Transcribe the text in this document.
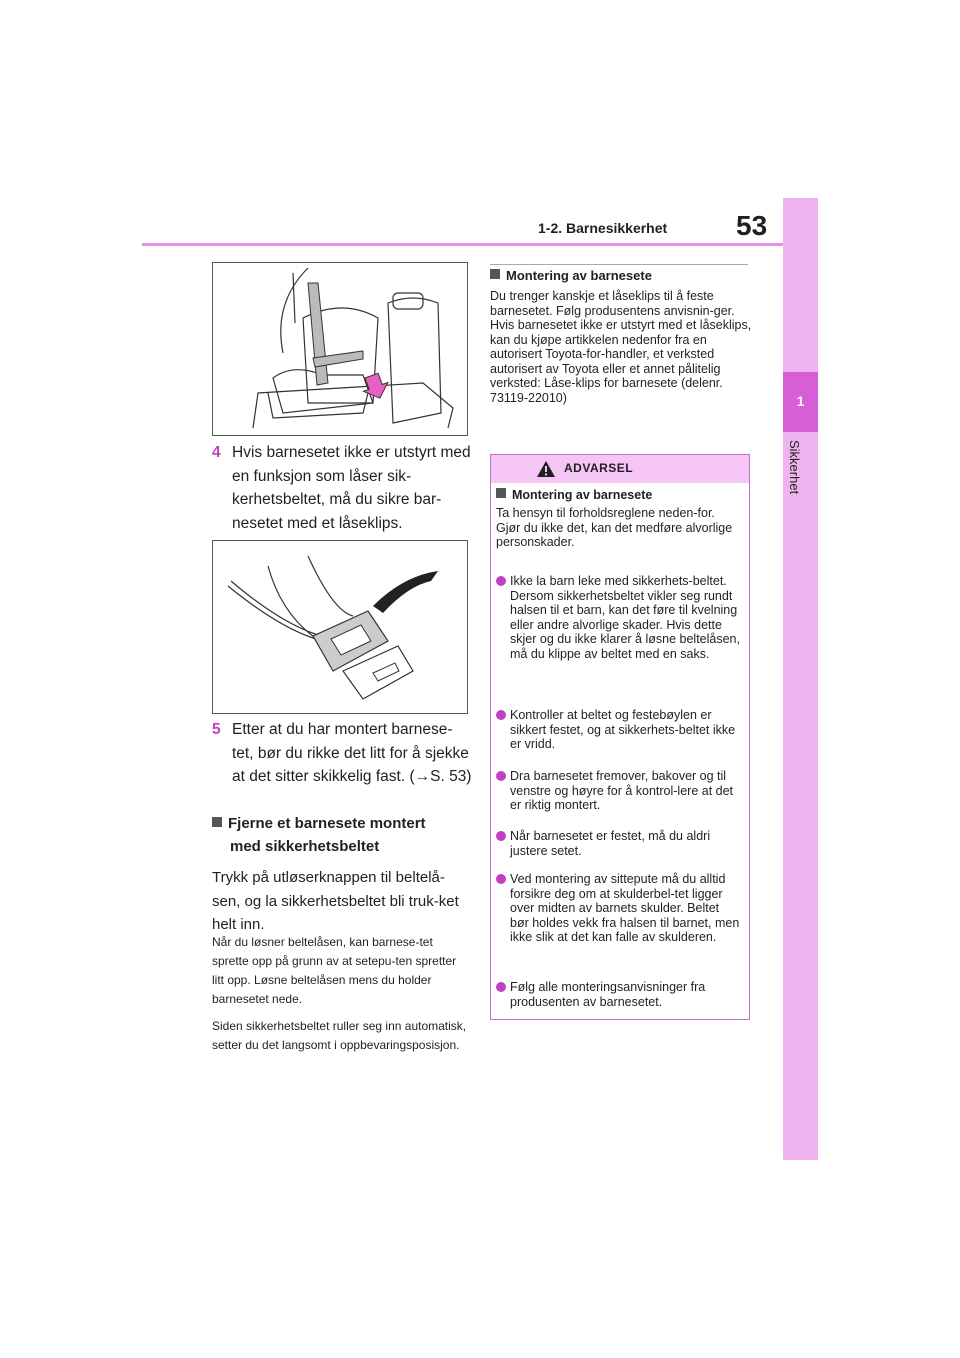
1-2. Barnesikkerhet 53
1
Sikkerhet
4 Hvis barnesetet ikke er utstyrt med en funksjon som låser sik-kerhetsbeltet, må du sikre bar-nesetet med et låseklips.
5 Etter at du har montert barnese-tet, bør du rikke det litt for å sjekke at det sitter skikkelig fast. (→S. 53)
Fjerne et barnesete montert
med sikkerhetsbeltet
Trykk på utløserknappen til beltelå-sen, og la sikkerhetsbeltet bli truk-ket helt inn.
Når du løsner beltelåsen, kan barnese-tet sprette opp på grunn av at setepu-ten spretter litt opp. Løsne beltelåsen mens du holder barnesetet nede.
Siden sikkerhetsbeltet ruller seg inn automatisk, setter du det langsomt i oppbevaringsposisjon.
Montering av barnesete
Du trenger kanskje et låseklips til å feste barnesetet. Følg produsentens anvisnin-ger. Hvis barnesetet ikke er utstyrt med et låseklips, kan du kjøpe artikkelen nedenfor fra en autorisert Toyota-for-handler, et verksted autorisert av Toyota eller et annet pålitelig verksted: Låse-klips for barnesete (delenr. 73119-22010)
ADVARSEL
Montering av barnesete
Ta hensyn til forholdsreglene neden-for. Gjør du ikke det, kan det medføre alvorlige personskader.
Ikke la barn leke med sikkerhets-beltet. Dersom sikkerhetsbeltet vikler seg rundt halsen til et barn, kan det føre til kvelning eller andre alvorlige skader. Hvis dette skjer og du ikke klarer å løsne beltelåsen, må du klippe av beltet med en saks.
Kontroller at beltet og festebøylen er sikkert festet, og at sikkerhets-beltet ikke er vridd.
Dra barnesetet fremover, bakover og til venstre og høyre for å kontrol-lere at det er riktig montert.
Når barnesetet er festet, må du aldri justere setet.
Ved montering av sittepute må du alltid forsikre deg om at skulderbel-tet ligger over midten av barnets skulder. Beltet bør holdes vekk fra halsen til barnet, men ikke slik at det kan falle av skulderen.
Følg alle monteringsanvisninger fra produsenten av barnesetet.
